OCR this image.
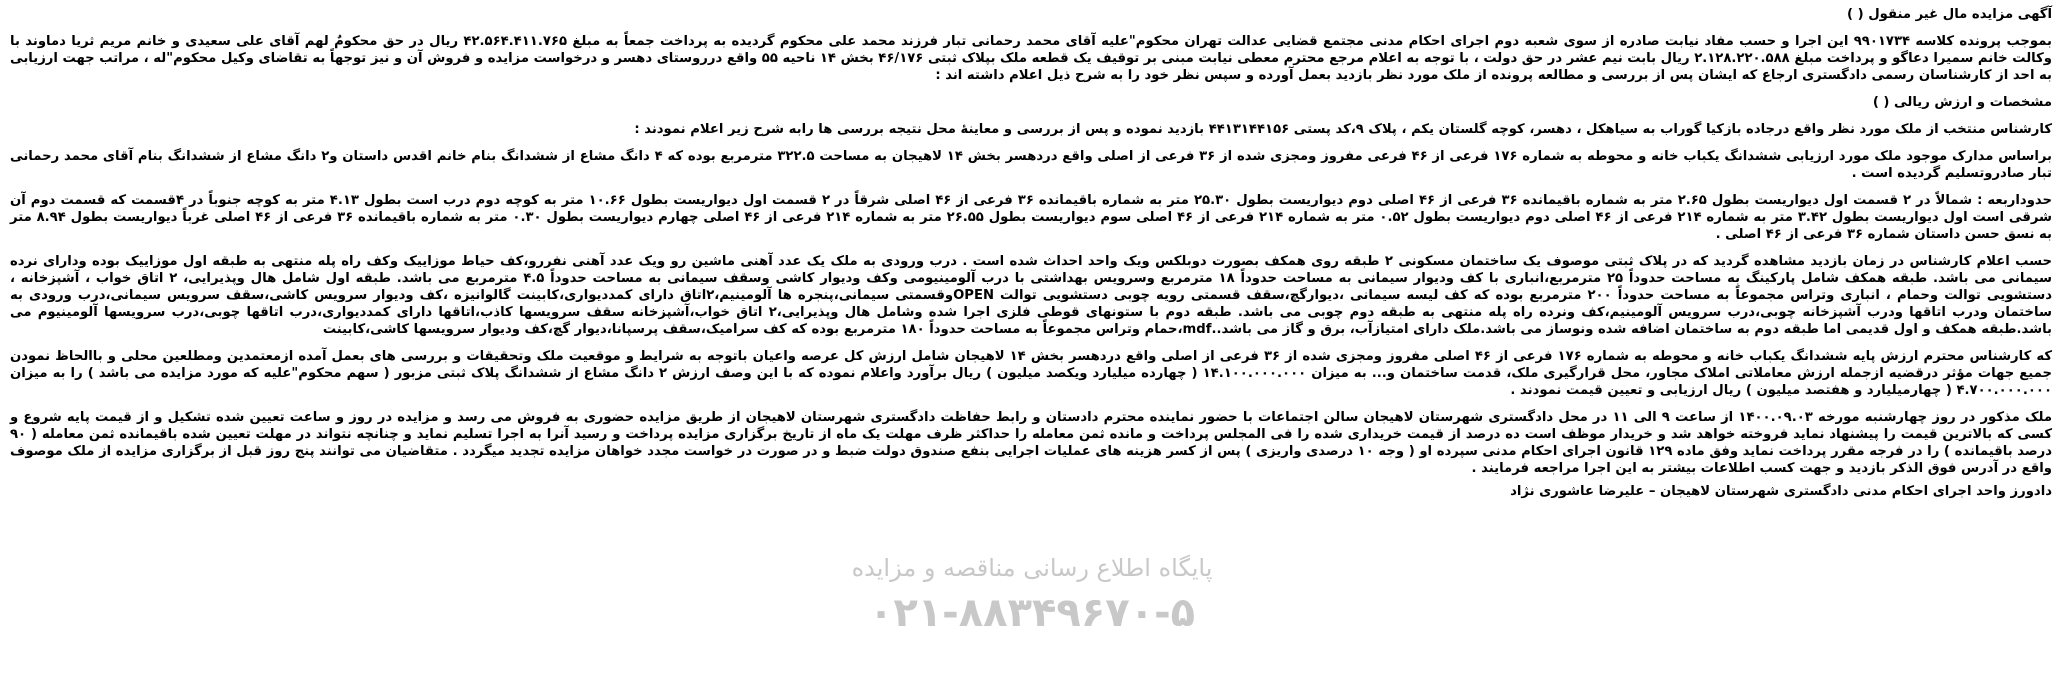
آگهی مزایده مال غیر منقول ( )

بموجب پرونده کلاسه ۹۹۰۱۷۳۴ این اجرا و حسب مفاد نیابت صادره از سوی شعبه دوم اجرای احکام مدنی مجتمع قضایی عدالت تهران محکوم"علیه آقای محمد رحمانی تبار فرزند محمد علی محکوم گردیده به پرداخت جمعاً به مبلغ ۴۲.۵۶۴.۴۱۱.۷۶۵ ریال در حق محکومٌ لهم آقای علی سعیدی و خانم مریم ثریا دماوند با وکالت خانم سمیرا دعاگو و پرداخت مبلغ ۲.۱۲۸.۲۲۰.۵۸۸ ریال بابت نیم عشر در حق دولت ، با توجه به اعلام مرجع محترم معطی نیابت مبنی بر توقیف یک قطعه ملک بپلاک ثبتی ۴۶/۱۷۶ بخش ۱۴ ناحیه ۵۵ واقع درروستای دهسر و درخواست مزایده و فروش آن و نیز توجهاً به تقاضای وکیل محکوم"له ، مراتب جهت ارزیابی به احد از کارشناسان رسمی دادگستری ارجاع که ایشان پس از بررسی و مطالعه پرونده از ملک مورد نظر بازدید بعمل آورده و سپس نظر خود را به شرح ذیل اعلام داشته اند :

مشخصات و ارزش ریالی ( )

کارشناس منتخب از ملک مورد نظر واقع درجاده بازکیا گوراب به سیاهکل ، دهسر، کوچه گلستان یکم ، پلاک ۹،کد پستی ۴۴۱۳۱۴۴۱۵۶ بازدید نموده و پس از بررسی و معاینهٔ محل نتیجه بررسی ها رابه شرح زیر اعلام نمودند :

براساس مدارک موجود ملک مورد ارزیابی ششدانگ یکباب خانه و محوطه به شماره ۱۷۶ فرعی از ۴۶ فرعی مفروز ومجزی شده از ۳۶ فرعی از اصلی واقع دردهسر بخش ۱۴ لاهیجان به مساحت ۳۲۲.۵ مترمربع بوده که ۴ دانگ مشاع از ششدانگ بنام خانم اقدس داستان و۲ دانگ مشاع از ششدانگ بنام آقای محمد رحمانی تبار صادروتسلیم گردیده است .

حدوداربعه : شمالاً در ۲ قسمت اول دیواریست بطول ۲.۶۵ متر به شماره باقیمانده ۳۶ فرعی از ۴۶ اصلی دوم دیواریست بطول ۲۵.۳۰ متر به شماره باقیمانده ۳۶ فرعی از ۴۶ اصلی شرقاً در ۲ قسمت اول دیواریست بطول ۱۰.۶۶ متر به کوچه دوم درب است بطول ۴.۱۳ متر به کوچه جنوباً در ۴قسمت که قسمت دوم آن شرقی است اول دیواریست بطول ۳.۴۲ متر به شماره ۲۱۴ فرعی از ۴۶ اصلی دوم دیواریست بطول ۰.۵۲ متر به شماره ۲۱۴ فرعی از ۴۶ اصلی سوم دیواریست بطول ۲۶.۵۵ متر به شماره ۲۱۴ فرعی از ۴۶ اصلی چهارم دیواریست بطول ۰.۳۰ متر به شماره باقیمانده ۳۶ فرعی از ۴۶ اصلی غرباً دیواریست بطول ۸.۹۴ متر به نسق حسن داستان شماره ۳۶ فرعی از ۴۶ اصلی .

حسب اعلام کارشناس در زمان بازدید مشاهده گردید که در پلاک ثبتی موصوف یک ساختمان مسکونی ۲ طبقه روی همکف بصورت دوبلکس ویک واحد احداث شده است . درب ورودی به ملک یک عدد آهنی ماشین رو ویک عدد آهنی نفررو،کف حیاط موزاییک وکف راه پله منتهی به طبقه اول موزاییک بوده ودارای نرده سیمانی می باشد. طبقه همکف شامل پارکینگ به مساحت حدوداً ۲۵ مترمربع،انباری با کف ودیوار سیمانی به مساحت حدوداً ۱۸ مترمربع وسرویس بهداشتی با درب آلومینیومی وکف ودیوار کاشی وسقف سیمانی به مساحت حدوداً ۴.۵ مترمربع می باشد. طبقه اول شامل هال وپذیرایی، ۲ اتاق خواب ، آشپزخانه ، دستشویی توالت وحمام ، انباری وتراس مجموعاً به مساحت حدوداً ۲۰۰ مترمربع بوده که کف لیسه سیمانی ،دیوارگچ،سقف قسمتی رویه چوبی دستشویی توالت OPENوقسمتی سیمانی،پنجره ها آلومینیم،۲اتاق دارای کمددیواری،کابینت گالوانیزه ،کف ودیوار سرویس کاشی،سقف سرویس سیمانی،درب ورودی به ساختمان ودرب اتاقها ودرب آشپزخانه چوبی،درب سرویس آلومینیم،کف ونرده راه پله منتهی به طبقه دوم چوبی می باشد. طبقه دوم با ستونهای قوطی فلزی اجرا شده وشامل هال وپذیرایی،۲ اتاق خواب،آشپزخانه سقف سرویسها کاذب،اتاقها دارای کمددیواری،درب اتاقها چوبی،درب سرویسها آلومینیوم می باشد.طبقه همکف و اول قدیمی اما طبقه دوم به ساختمان اضافه شده ونوساز می باشد.ملک دارای امتیازآب، برق و گاز می باشد..mdf،حمام وتراس مجموعاً به مساحت حدوداً ۱۸۰ مترمربع بوده که کف سرامیک،سقف پرسپانا،دیوار گچ،کف ودیوار سرویسها کاشی،کابینت

که کارشناس محترم ارزش پایه ششدانگ یکباب خانه و محوطه به شماره ۱۷۶ فرعی از ۴۶ اصلی مفروز ومجزی شده از ۳۶ فرعی از اصلی واقع دردهسر بخش ۱۴ لاهیجان شامل ارزش کل عرصه واعیان باتوجه به شرایط و موقعیت ملک وتحقیقات و بررسی های بعمل آمده ازمعتمدین ومطلعین محلی و باالحاظ نمودن جمیع جهات مؤثر درقضیه ازجمله ارزش معاملاتی املاک مجاور، محل قرارگیری ملک، قدمت ساختمان و... به میزان ۱۴.۱۰۰.۰۰۰.۰۰۰ ( چهارده میلیارد ویکصد میلیون ) ریال برآورد واعلام نموده که با این وصف ارزش ۲ دانگ مشاع از ششدانگ پلاک ثبتی مزبور ( سهم محکوم"علیه که مورد مزایده می باشد ) را به میزان ۴.۷۰۰.۰۰۰.۰۰۰ ( چهارمیلیارد و هفتصد میلیون ) ریال ارزیابی و تعیین قیمت نمودند .

ملک مذکور در روز چهارشنبه مورخه ۱۴۰۰.۰۹.۰۳ از ساعت ۹ الی ۱۱ در محل دادگستری شهرستان لاهیجان سالن اجتماعات با حضور نماینده محترم دادستان و رابط حفاظت دادگستری شهرستان لاهیجان از طریق مزایده حضوری به فروش می رسد و مزایده در روز و ساعت تعیین شده تشکیل و از قیمت پایه شروع و کسی که بالاترین قیمت را پیشنهاد نماید فروخته خواهد شد و خریدار موظف است ده درصد از قیمت خریداری شده را فی المجلس پرداخت و مانده ثمن معامله را حداکثر ظرف مهلت یک ماه از تاریخ برگزاری مزایده پرداخت و رسید آنرا به اجرا تسلیم نماید و چنانچه نتواند در مهلت تعیین شده باقیمانده ثمن معامله ( ۹۰ درصد باقیمانده ) را در فرجه مقرر پرداخت نماید وفق ماده ۱۲۹ قانون اجرای احکام مدنی سپرده او ( وجه ۱۰ درصدی واریزی ) پس از کسر هزینه های عملیات اجرایی بنفع صندوق دولت ضبط و در صورت در خواست مجدد خواهان مزایده تجدید میگردد . متقاضیان می توانند پنج روز قبل از برگزاری مزایده از ملک موصوف واقع در آدرس فوق الذکر بازدید و جهت کسب اطلاعات بیشتر به این اجرا مراجعه فرمایند .

دادورز واحد اجرای احکام مدنی دادگستری شهرستان لاهیجان – علیرضا عاشوری نژاد

پایگاه اطلاع رسانی مناقصه و مزایده
۰۲۱-۸۸۳۴۹۶۷۰-۵
